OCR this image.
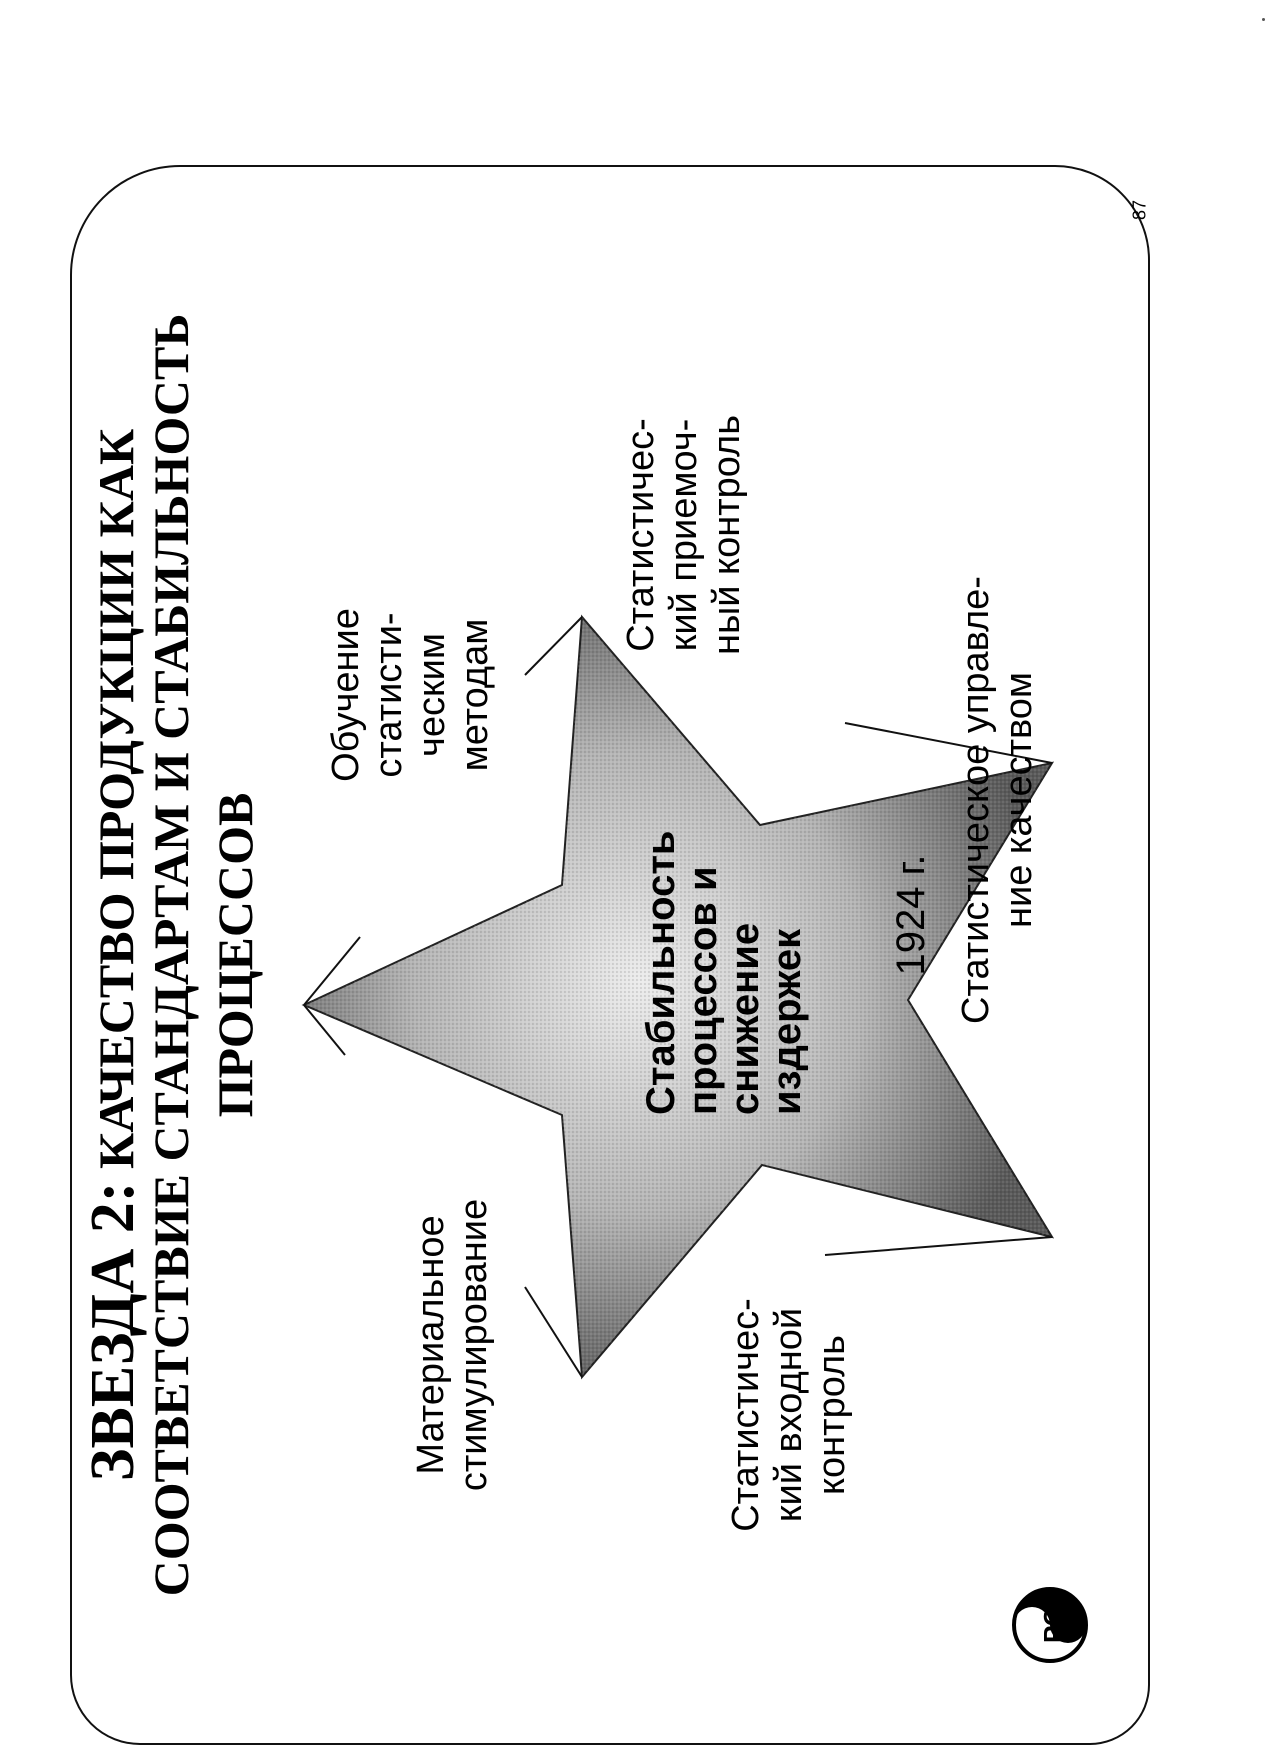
87
ЗВЕЗДА 2: КАЧЕСТВО ПРОДУКЦИИ КАК СООТВЕТСТВИЕ СТАНДАРТАМ И СТАБИЛЬНОСТЬ ПРОЦЕССОВ
Материальное стимулирование
Обучение статисти- ческим методам
Статистичес- кий приемоч- ный контроль
Статистическое управле- ние качеством
Статистичес- кий входной контроль
Стабильность
процессов и
снижение
издержек
1924 г.
РС
